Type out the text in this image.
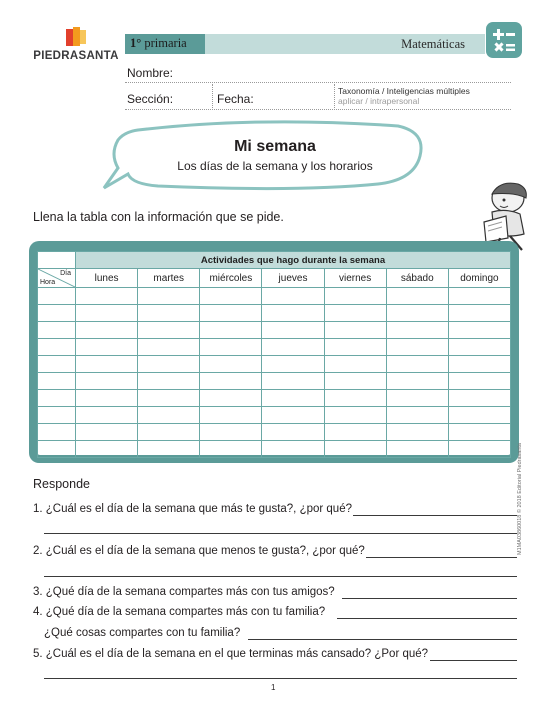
PIEDRASANTA
1° primaria	Matemáticas
Nombre:
Sección:	Fecha:
Taxonomía / Inteligencias múltiples
aplicar / intrapersonal
Mi semana
Los días de la semana y los horarios
Llena la tabla con la información que se pide.
	Actividades que hago durante la semana						

Día
Hora	lunes	martes	miércoles	jueves	viernes	sábado	domingo

Responde
1. ¿Cuál es el día de la semana que más te gusta?, ¿por qué?
2. ¿Cuál es el día de la semana que menos te gusta?, ¿por qué?
3. ¿Qué día de la semana compartes más con tus amigos?
4. ¿Qué día de la semana compartes más con tu familia?
¿Qué cosas compartes con tu familia?
5. ¿Cuál es el día de la semana en el que terminas más cansado? ¿Por qué?
M1MA03860018 © 2018 Editorial Piedrasanta
1
